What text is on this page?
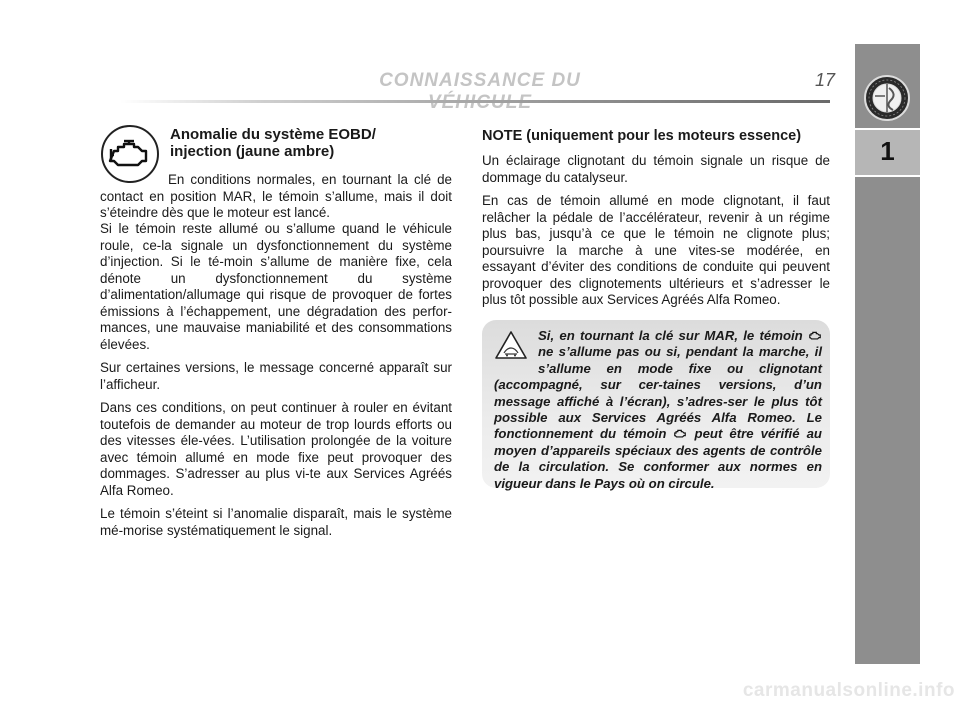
CONNAISSANCE DU	17
1
Anomalie du système EOBD/
injection (jaune ambre)

En conditions normales, en tournant la clé de contact en position MAR, le témoin s’allume, mais il doit s’éteindre dès que le moteur est lancé.

Si le témoin reste allumé ou s’allume quand le véhicule roule, ce-la signale un dysfonctionnement du système d’injection. Si le té-moin s’allume de manière fixe, cela dénote un dysfonctionnement du système d’alimentation/allumage qui risque de provoquer de fortes émissions à l’échappement, une dégradation des perfor-mances, une mauvaise maniabilité et des consommations élevées.

Sur certaines versions, le message concerné apparaît sur l’afficheur.

Dans ces conditions, on peut continuer à rouler en évitant toutefois de demander au moteur de trop lourds efforts ou des vitesses éle-vées. L’utilisation prolongée de la voiture avec témoin allumé en mode fixe peut provoquer des dommages. S’adresser au plus vi-te aux Services Agréés Alfa Romeo.

Le témoin s’éteint si l’anomalie disparaît, mais le système mé-morise systématiquement le signal.

NOTE (uniquement pour les moteurs essence)

Un éclairage clignotant du témoin signale un risque de dommage du catalyseur.

En cas de témoin allumé en mode clignotant, il faut relâcher la pédale de l’accélérateur, revenir à un régime plus bas, jusqu’à ce que le témoin ne clignote plus; poursuivre la marche à une vites-se modérée, en essayant d’éviter des conditions de conduite qui peuvent provoquer des clignotements ultérieurs et s’adresser le plus tôt possible aux Services Agréés Alfa Romeo.

Si, en tournant la clé sur MAR, le témoin  ne s’allume pas ou si, pendant la marche, il s’allume en mode fixe ou clignotant (accompagné, sur cer-taines versions, d’un message affiché à l’écran), s’adres-ser le plus tôt possible aux Services Agréés Alfa Romeo. Le fonctionnement du témoin  peut être vérifié au moyen d’appareils spéciaux des agents de contrôle de la circulation. Se conformer aux normes en vigueur dans le Pays où on circule.

carmanualsonline.info
